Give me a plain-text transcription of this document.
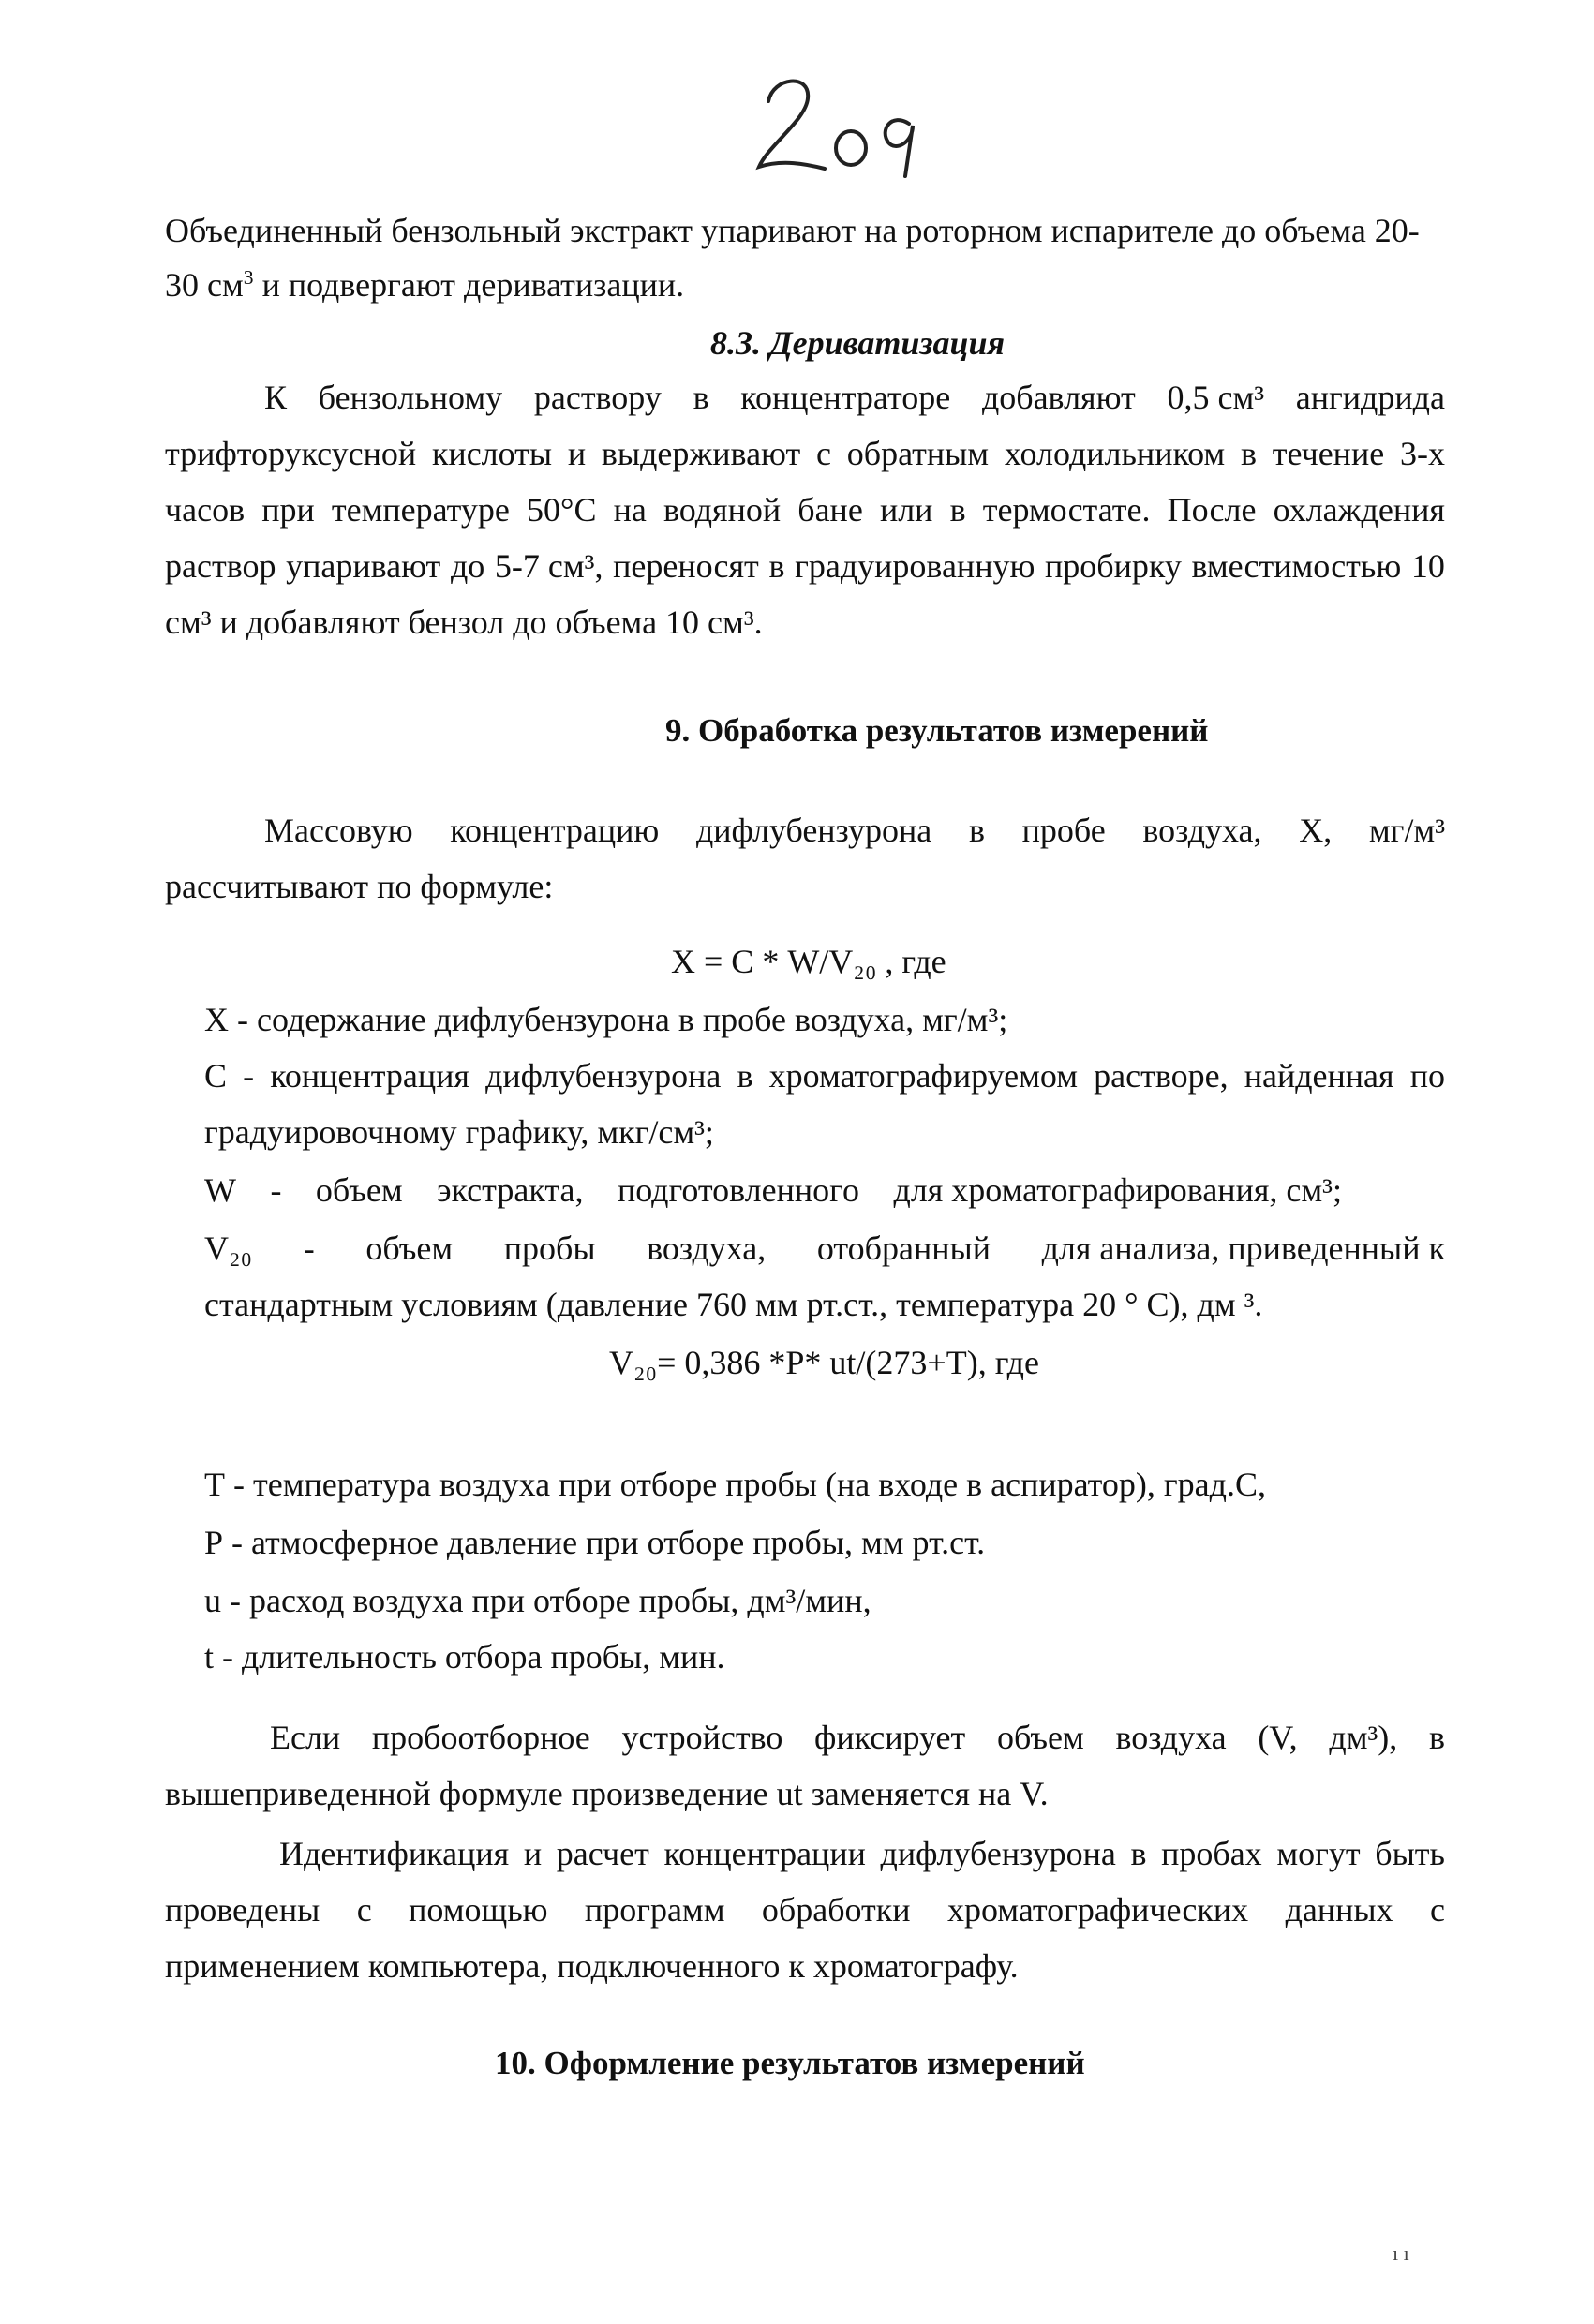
Объединенный бензольный экстракт упаривают на роторном испарителе до объема 20-
30 $см^3$ и подвергают дериватизации.
8.3. Дериватизация
К бензольному раствору в концентраторе добавляют 0,5 см³ ангидрида
трифторуксусной кислоты и выдерживают с обратным холодильником в течение 3-х
часов при температуре 50°С на водяной бане или в термостате. После охлаждения
раствор упаривают до 5-7 см³, переносят в градуированную пробирку вместимостью 10
см³ и добавляют бензол до объема 10 см³.
9. Обработка результатов измерений
Массовую концентрацию дифлубензурона в пробе воздуха, Х, мг/м³
рассчитывают по формуле:
Х = С * W/V₂₀ , где
Х - содержание дифлубензурона в пробе воздуха, мг/м³;
С - концентрация дифлубензурона в хроматографируемом растворе, найденная по
градуировочному графику, мкг/см³;
W - объем экстракта, подготовленного для хроматографирования, см³;
V₂₀ - объем пробы воздуха, отобранный для анализа, приведенный к
стандартным условиям (давление 760 мм рт.ст., температура 20 ° С), дм ³.
V₂₀= 0,386 *Р* ut/(273+Т), где
Т - температура воздуха при отборе пробы (на входе в аспиратор), град.С,
Р - атмосферное давление при отборе пробы, мм рт.ст.
u - расход воздуха при отборе пробы, дм³/мин,
t - длительность отбора пробы, мин.
Если пробоотборное устройство фиксирует объем воздуха (V, дм³), в
вышеприведенной формуле произведение ut заменяется на V.
Идентификация и расчет концентрации дифлубензурона в пробах могут быть
проведены с помощью программ обработки хроматографических данных с
применением компьютера, подключенного к хроматографу.
10. Оформление результатов измерений
ı ı
